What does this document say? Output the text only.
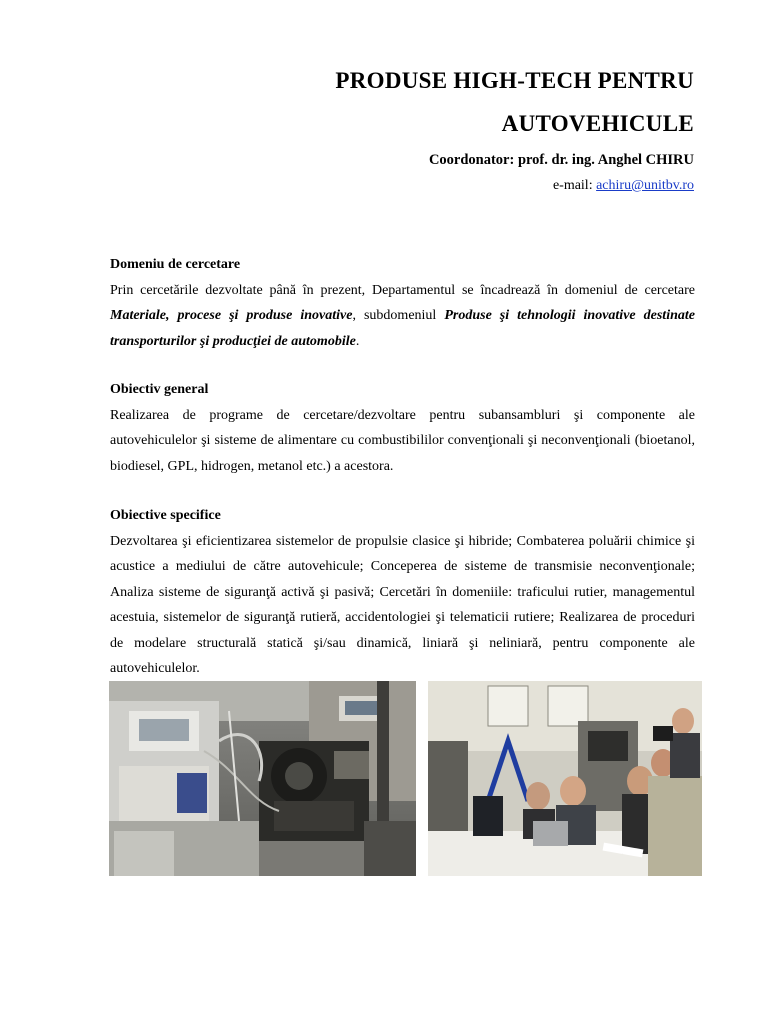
PRODUSE HIGH-TECH PENTRU
AUTOVEHICULE
Coordonator: prof. dr. ing. Anghel CHIRU
e-mail: achiru@unitbv.ro

Domeniu de cercetare

Prin cercetările dezvoltate până în prezent, Departamentul se încadrează în domeniul de cercetare Materiale, procese şi produse inovative, subdomeniul Produse şi tehnologii inovative destinate transporturilor şi producţiei de automobile.

Obiectiv general

Realizarea de programe de cercetare/dezvoltare pentru subansambluri şi componente ale autovehiculelor şi sisteme de alimentare cu combustibililor convenţionali şi neconvenţionali (bioetanol, biodiesel, GPL, hidrogen, metanol etc.) a acestora.

Obiective specifice

Dezvoltarea şi eficientizarea sistemelor de propulsie clasice şi hibride; Combaterea poluării chimice şi acustice a mediului de către autovehicule; Conceperea de sisteme de transmisie neconvenţionale; Analiza sisteme de siguranţă activă şi pasivă; Cercetări în domeniile: traficului rutier, managementul acestuia, sistemelor de siguranţă rutieră, accidentologiei şi telematicii rutiere; Realizarea de proceduri de modelare structurală statică şi/sau dinamică, liniară şi neliniară, pentru componente ale autovehiculelor.
